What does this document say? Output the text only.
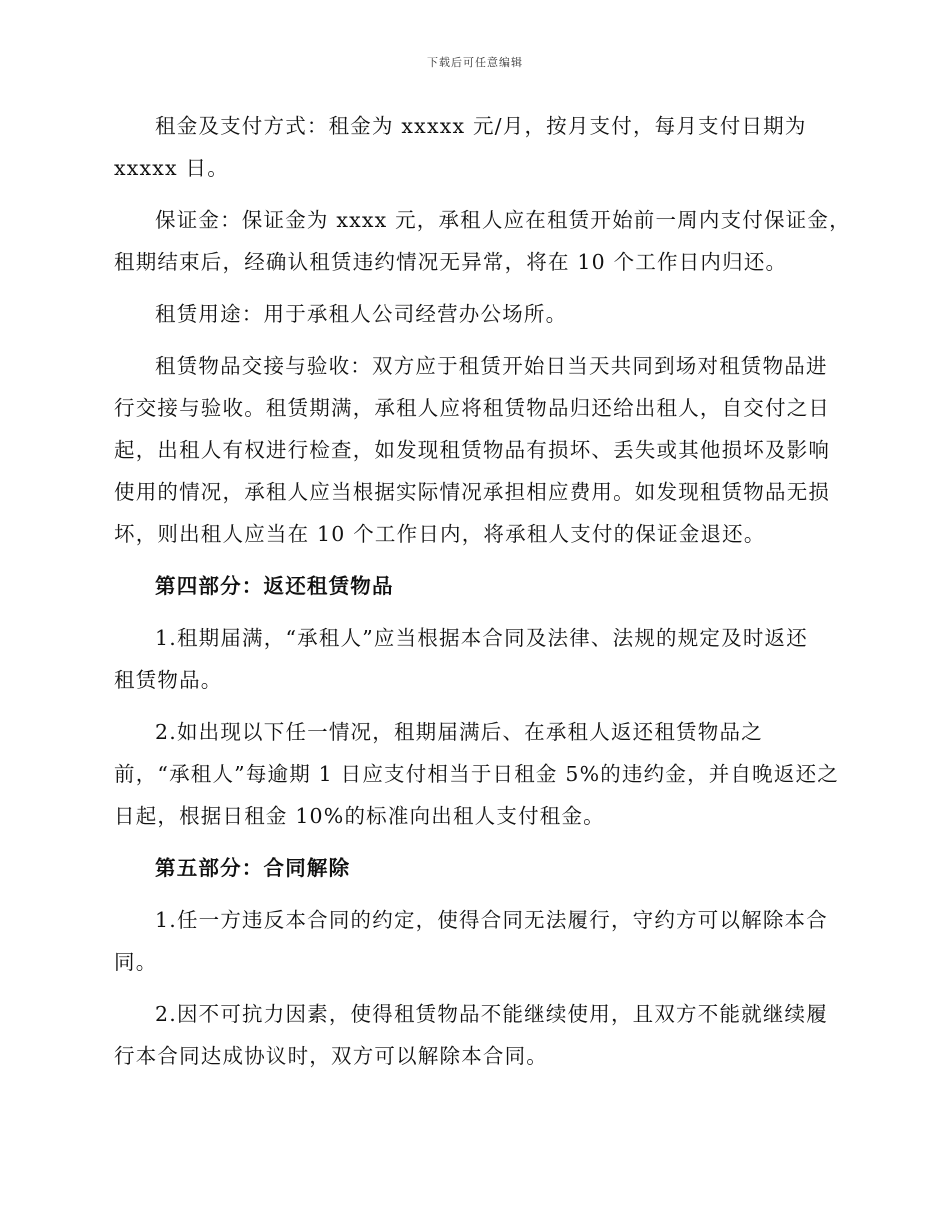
下载后可任意编辑
租金及支付方式：租金为 xxxxx 元/月，按月支付，每月支付日期为
xxxxx 日。
保证金：保证金为 xxxx 元，承租人应在租赁开始前一周内支付保证金，
租期结束后，经确认租赁违约情况无异常，将在 10 个工作日内归还。
租赁用途：用于承租人公司经营办公场所。
租赁物品交接与验收：双方应于租赁开始日当天共同到场对租赁物品进
行交接与验收。租赁期满，承租人应将租赁物品归还给出租人，自交付之日
起，出租人有权进行检查，如发现租赁物品有损坏、丢失或其他损坏及影响
使用的情况，承租人应当根据实际情况承担相应费用。如发现租赁物品无损
坏，则出租人应当在 10 个工作日内，将承租人支付的保证金退还。
第四部分：返还租赁物品
1.租期届满，“承租人”应当根据本合同及法律、法规的规定及时返还
租赁物品。
2.如出现以下任一情况，租期届满后、在承租人返还租赁物品之
前，“承租人”每逾期 1 日应支付相当于日租金 5%的违约金，并自晚返还之
日起，根据日租金 10%的标准向出租人支付租金。
第五部分：合同解除
1.任一方违反本合同的约定，使得合同无法履行，守约方可以解除本合
同。
2.因不可抗力因素，使得租赁物品不能继续使用，且双方不能就继续履
行本合同达成协议时，双方可以解除本合同。
